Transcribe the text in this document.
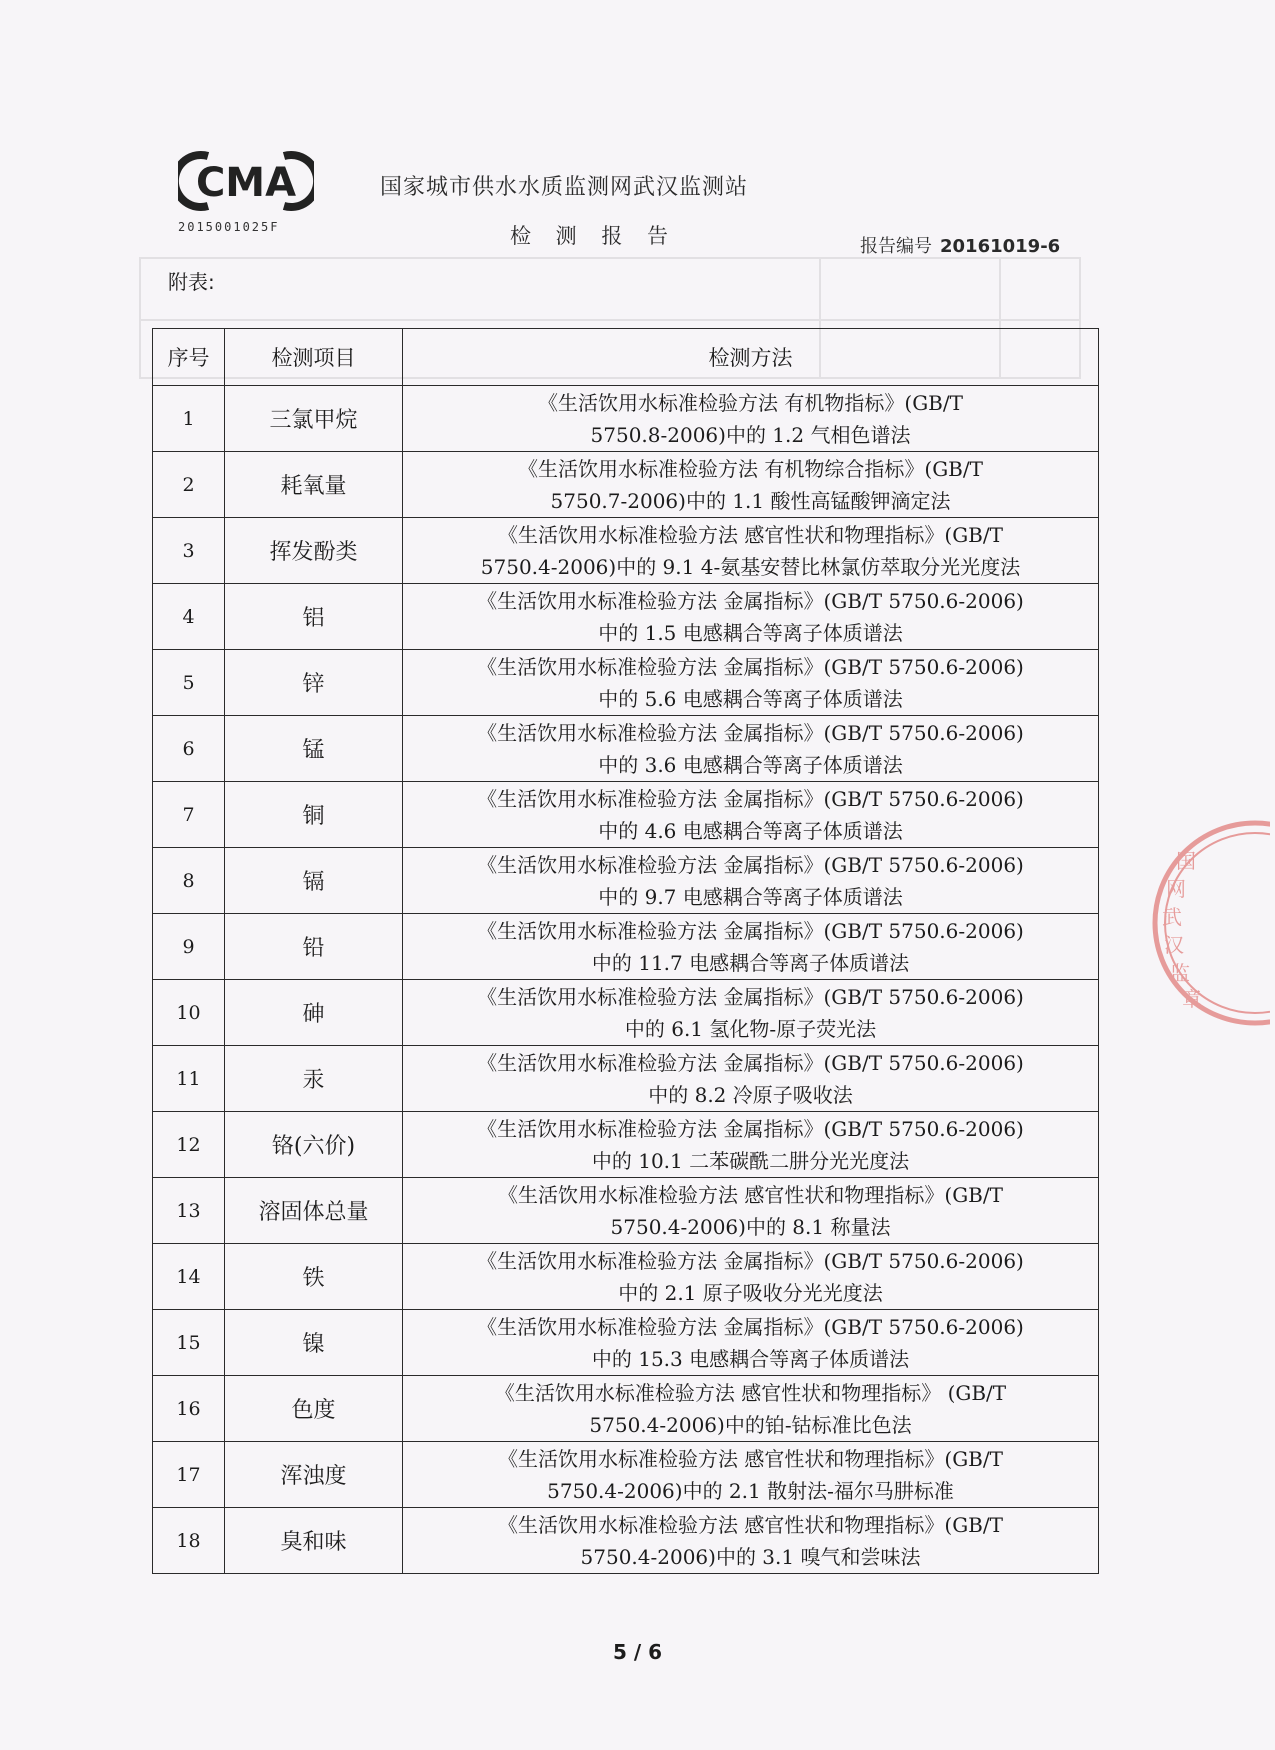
CMA
2015001025F
国家城市供水水质监测网武汉监测站
检 测 报 告	报告编号 20161019-6
附表:
序号	检测项目	检测方法
1	三氯甲烷	《生活饮用水标准检验方法 有机物指标》(GB/T
5750.8-2006)中的 1.2 气相色谱法

2	耗氧量	《生活饮用水标准检验方法 有机物综合指标》(GB/T
5750.7-2006)中的 1.1 酸性高锰酸钾滴定法

3	挥发酚类	《生活饮用水标准检验方法 感官性状和物理指标》(GB/T
5750.4-2006)中的 9.1 4-氨基安替比林氯仿萃取分光光度法

4	铝	《生活饮用水标准检验方法 金属指标》(GB/T 5750.6-2006)
中的 1.5 电感耦合等离子体质谱法

5	锌	《生活饮用水标准检验方法 金属指标》(GB/T 5750.6-2006)
中的 5.6 电感耦合等离子体质谱法

6	锰	《生活饮用水标准检验方法 金属指标》(GB/T 5750.6-2006)
中的 3.6 电感耦合等离子体质谱法

7	铜	《生活饮用水标准检验方法 金属指标》(GB/T 5750.6-2006)
中的 4.6 电感耦合等离子体质谱法

8	镉	《生活饮用水标准检验方法 金属指标》(GB/T 5750.6-2006)
中的 9.7 电感耦合等离子体质谱法

9	铅	《生活饮用水标准检验方法 金属指标》(GB/T 5750.6-2006)
中的 11.7 电感耦合等离子体质谱法

10	砷	《生活饮用水标准检验方法 金属指标》(GB/T 5750.6-2006)
中的 6.1 氢化物-原子荧光法

11	汞	《生活饮用水标准检验方法 金属指标》(GB/T 5750.6-2006)
中的 8.2 冷原子吸收法

12	铬(六价)	《生活饮用水标准检验方法 金属指标》(GB/T 5750.6-2006)
中的 10.1 二苯碳酰二肼分光光度法

13	溶固体总量	《生活饮用水标准检验方法 感官性状和物理指标》(GB/T
5750.4-2006)中的 8.1 称量法

14	铁	《生活饮用水标准检验方法 金属指标》(GB/T 5750.6-2006)
中的 2.1 原子吸收分光光度法

15	镍	《生活饮用水标准检验方法 金属指标》(GB/T 5750.6-2006)
中的 15.3 电感耦合等离子体质谱法

16	色度	《生活饮用水标准检验方法 感官性状和物理指标》 (GB/T
5750.4-2006)中的铂-钴标准比色法

17	浑浊度	《生活饮用水标准检验方法 感官性状和物理指标》(GB/T
5750.4-2006)中的 2.1 散射法-福尔马肼标准

18	臭和味	《生活饮用水标准检验方法 感官性状和物理指标》(GB/T
5750.4-2006)中的 3.1 嗅气和尝味法
5 / 6
国
网
武
汉
监
章
